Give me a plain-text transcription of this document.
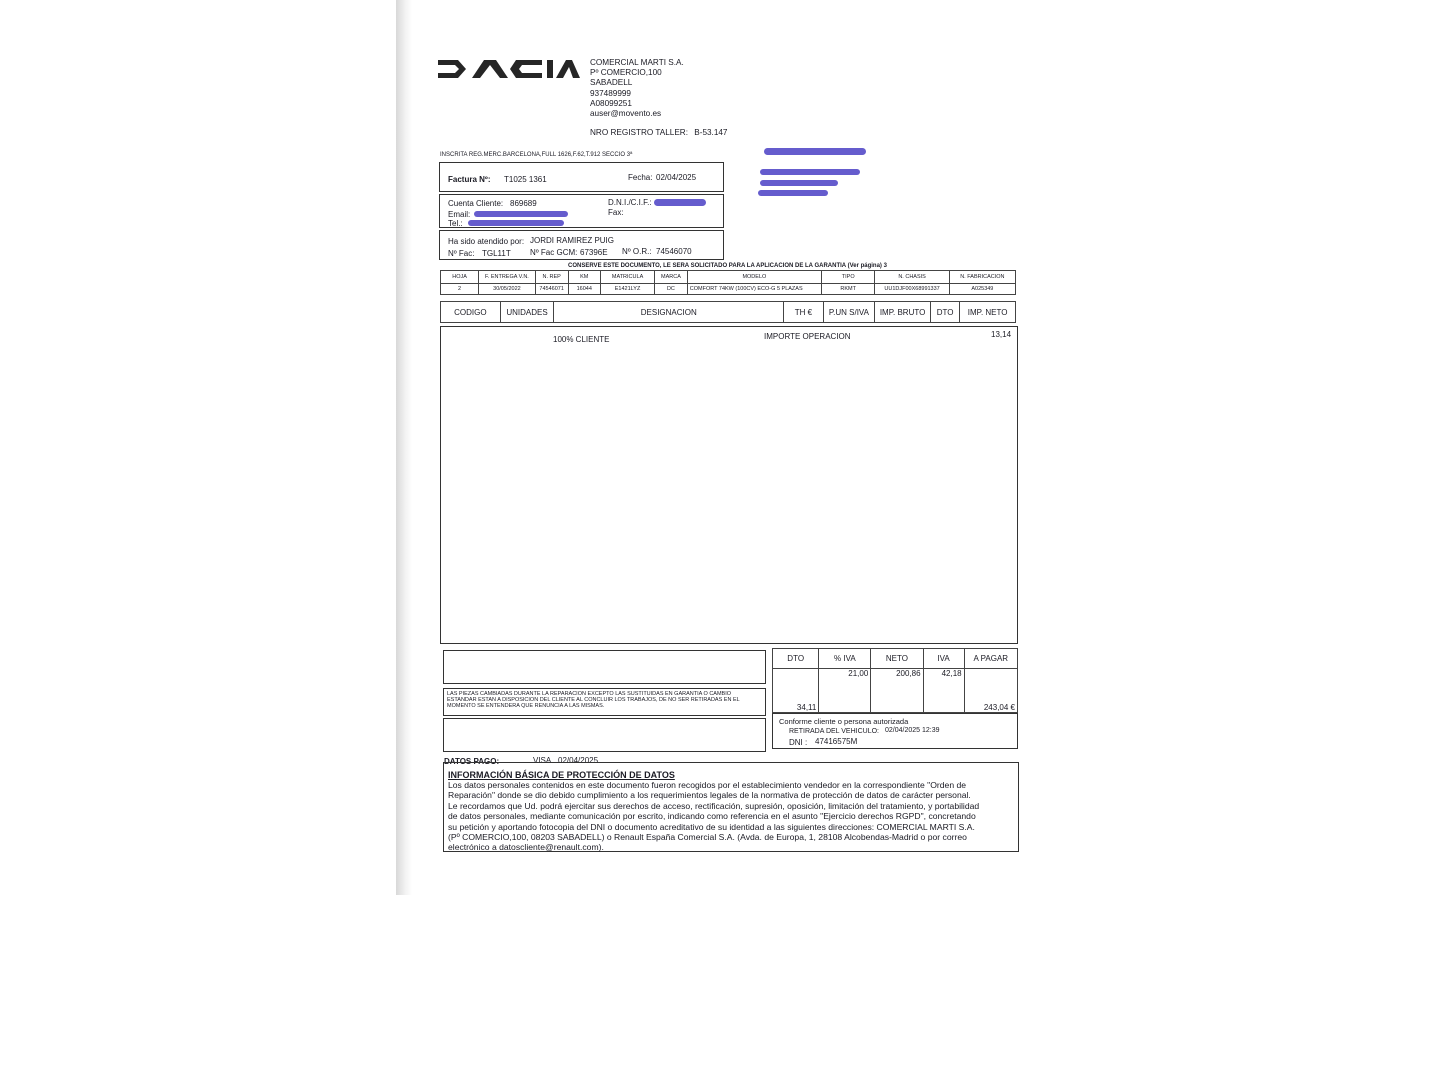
COMERCIAL MARTI S.A.
Pº COMERCIO,100
SABADELL
937489999
A08099251
auser@movento.es
NRO REGISTRO TALLER: B-53.147
INSCRITA REG.MERC.BARCELONA,FULL 1626,F.62,T.912 SECCIO 3ª
Factura Nº: T1025 1361	Fecha: 02/04/2025
Cuenta Cliente: 869689	D.N.I./C.I.F.:
Email:	Fax:
Tel.:
Ha sido atendido por: JORDI RAMIREZ PUIG
Nº Fac: TGL11T Nº Fac GCM: 67396E Nº O.R.: 74546070
CONSERVE ESTE DOCUMENTO, LE SERA SOLICITADO PARA LA APLICACION DE LA GARANTIA (Ver página) 3
HOJA	F. ENTREGA V.N.	N. REP	KM	MATRICULA	MARCA	MODELO	TIPO	N. CHASIS	N. FABRICACION
2	30/05/2022	74546071	16044	E1421LYZ	DC	COMFORT 74KW (100CV) ECO-G 5 PLAZAS	RKMT	UU1DJF00X68991337	A025349
CODIGO	UNIDADES	DESIGNACION	TH €	P.UN S/IVA	IMP. BRUTO	DTO	IMP. NETO
100% CLIENTE	IMPORTE OPERACION	13,14
LAS PIEZAS CAMBIADAS DURANTE LA REPARACION EXCEPTO LAS SUSTITUIDAS EN GARANTIA O CAMBIO ESTANDAR ESTAN A DISPOSICION DEL CLIENTE AL CONCLUIR LOS TRABAJOS, DE NO SER RETIRADAS EN EL MOMENTO SE ENTENDERA QUE RENUNCIA A LAS MISMAS.
DTO	% IVA	NETO	IVA	A PAGAR
34,11	21,00	200,86	42,18	243,04 €
Conforme cliente o persona autorizada
RETIRADA DEL VEHICULO: 02/04/2025 12:39
DNI : 47416575M
DATOS PAGO:	VISA 02/04/2025
INFORMACIÓN BÁSICA DE PROTECCIÓN DE DATOS

Los datos personales contenidos en este documento fueron recogidos por el establecimiento vendedor en la correspondiente "Orden de

Reparación" donde se dio debido cumplimiento a los requerimientos legales de la normativa de protección de datos de carácter personal.

Le recordamos que Ud. podrá ejercitar sus derechos de acceso, rectificación, supresión, oposición, limitación del tratamiento, y portabilidad

de datos personales, mediante comunicación por escrito, indicando como referencia en el asunto "Ejercicio derechos RGPD", concretando

su petición y aportando fotocopia del DNI o documento acreditativo de su identidad a las siguientes direcciones: COMERCIAL MARTI S.A.

(Pº COMERCIO,100, 08203 SABADELL) o Renault España Comercial S.A. (Avda. de Europa, 1, 28108 Alcobendas-Madrid o por correo

electrónico a datoscliente@renault.com).
